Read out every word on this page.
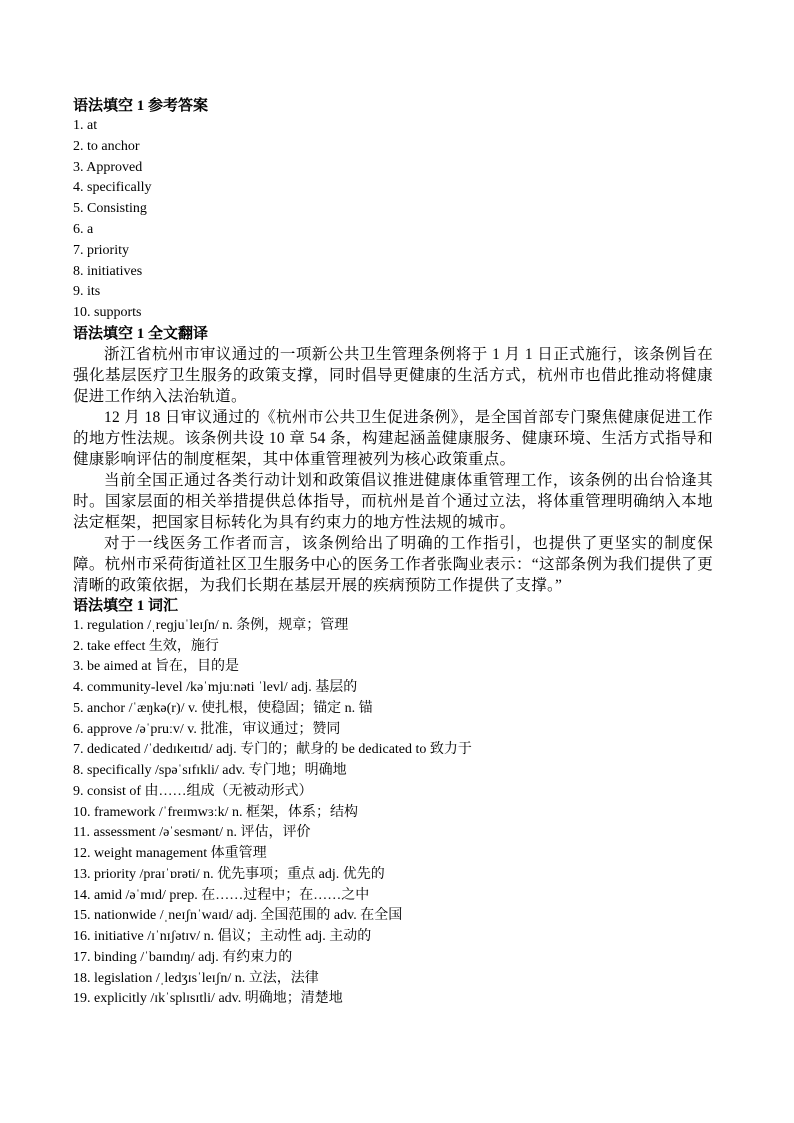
语法填空 1 参考答案
1. at
2. to anchor
3. Approved
4. specifically
5. Consisting
6. a
7. priority
8. initiatives
9. its
10. supports
语法填空 1 全文翻译

浙江省杭州市审议通过的一项新公共卫生管理条例将于 1 月 1 日正式施行，该条例旨在强化基层医疗卫生服务的政策支撑，同时倡导更健康的生活方式，杭州市也借此推动将健康促进工作纳入法治轨道。

12 月 18 日审议通过的《杭州市公共卫生促进条例》，是全国首部专门聚焦健康促进工作的地方性法规。该条例共设 10 章 54 条，构建起涵盖健康服务、健康环境、生活方式指导和健康影响评估的制度框架，其中体重管理被列为核心政策重点。

当前全国正通过各类行动计划和政策倡议推进健康体重管理工作，该条例的出台恰逢其时。国家层面的相关举措提供总体指导，而杭州是首个通过立法，将体重管理明确纳入本地法定框架，把国家目标转化为具有约束力的地方性法规的城市。

对于一线医务工作者而言，该条例给出了明确的工作指引，也提供了更坚实的制度保障。杭州市采荷街道社区卫生服务中心的医务工作者张陶业表示：“这部条例为我们提供了更清晰的政策依据，为我们长期在基层开展的疾病预防工作提供了支撑。”

语法填空 1 词汇
1. regulation /ˌreɡjuˈleɪʃn/ n. 条例，规章；管理
2. take effect 生效，施行
3. be aimed at 旨在，目的是
4. community-level /kəˈmjuːnəti ˈlevl/ adj. 基层的
5. anchor /ˈæŋkə(r)/ v. 使扎根，使稳固；锚定 n. 锚
6. approve /əˈpruːv/ v. 批准，审议通过；赞同
7. dedicated /ˈdedɪkeɪtɪd/ adj. 专门的；献身的 be dedicated to 致力于
8. specifically /spəˈsɪfɪkli/ adv. 专门地；明确地
9. consist of 由……组成（无被动形式）
10. framework /ˈfreɪmwɜːk/ n. 框架，体系；结构
11. assessment /əˈsesmənt/ n. 评估，评价
12. weight management 体重管理
13. priority /praɪˈɒrəti/ n. 优先事项；重点 adj. 优先的
14. amid /əˈmɪd/ prep. 在……过程中；在……之中
15. nationwide /ˌneɪʃnˈwaɪd/ adj. 全国范围的 adv. 在全国
16. initiative /ɪˈnɪʃətɪv/ n. 倡议；主动性 adj. 主动的
17. binding /ˈbaɪndɪŋ/ adj. 有约束力的
18. legislation /ˌledʒɪsˈleɪʃn/ n. 立法，法律
19. explicitly /ɪkˈsplɪsɪtli/ adv. 明确地；清楚地
